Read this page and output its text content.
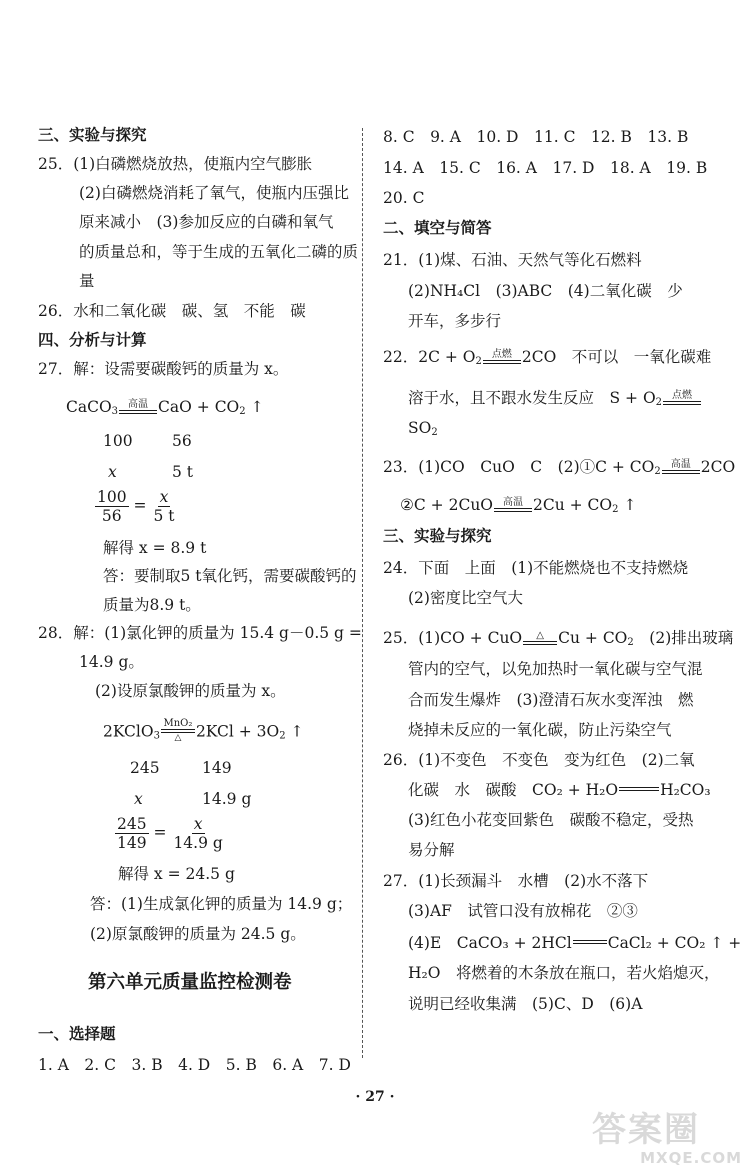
三、实验与探究
25．(1)白磷燃烧放热，使瓶内空气膨胀
(2)白磷燃烧消耗了氧气，使瓶内压强比
原来减小　(3)参加反应的白磷和氧气
的质量总和，等于生成的五氧化二磷的质
量
26．水和二氧化碳　碳、氢　不能　碳
四、分析与计算
27．解：设需要碳酸钙的质量为 x。
CaCO$_3$
高温 CaO + $CO_2$ ↑
100	56
x	5 t
$\frac{100}{56} = \frac{x}{5 t}$
解得 x = 8.9 t
答：要制取5 t氧化钙，需要碳酸钙的
质量为8.9 t。
28．解：(1)氯化钾的质量为 15.4 g－0.5 g =
14.9 g。
(2)设原氯酸钾的质量为 x。
2KClO$_3$
MnO₂
△ $2KCl + 3O_2$ ↑
245	149
x	14.9 g
$\frac{245}{149} = \frac{x}{14.9 g}$
解得 x = 24.5 g
答：(1)生成氯化钾的质量为 14.9 g；
(2)原氯酸钾的质量为 24.5 g。
第六单元质量监控检测卷
一、选择题
1. A　2. C　3. B　4. D　5. B　6. A　7. D
8. C　9. A　10. D　11. C　12. B　13. B
14. A　15. C　16. A　17. D　18. A　19. B
20. C
二、填空与简答
21．(1)煤、石油、天然气等化石燃料
(2)NH₄Cl　(3)ABC　(4)二氧化碳　少
开车，多步行
22．$2C + O_2$
点燃 2CO　不可以　一氧化碳难
溶于水，且不跟水发生反应　$S + O_2$
点燃
$SO_2$
23．(1)CO　CuO　C　(2)①C + $CO_2$
高温 2CO
②C + 2CuO 高温 $2Cu + CO_2$ ↑
三、实验与探究
24．下面　上面　(1)不能燃烧也不支持燃烧
(2)密度比空气大
25．(1)CO + CuO △ $Cu + CO_2$　(2)排出玻璃
管内的空气，以免加热时一氧化碳与空气混
合而发生爆炸　(3)澄清石灰水变浑浊　燃
烧掉未反应的一氧化碳，防止污染空气
26．(1)不变色　不变色　变为红色　(2)二氧
化碳　水　碳酸　CO₂ + H₂O	H₂CO₃
(3)红色小花变回紫色　碳酸不稳定，受热
易分解
27．(1)长颈漏斗　水槽　(2)水不落下
(3)AF　试管口没有放棉花　②③
(4)E　CaCO₃ + 2HCl CaCl₂ + CO₂ ↑ +
H₂O　将燃着的木条放在瓶口，若火焰熄灭，
说明已经收集满　(5)C、D　(6)A
· 27 ·
答案圈
MXQE.COM
